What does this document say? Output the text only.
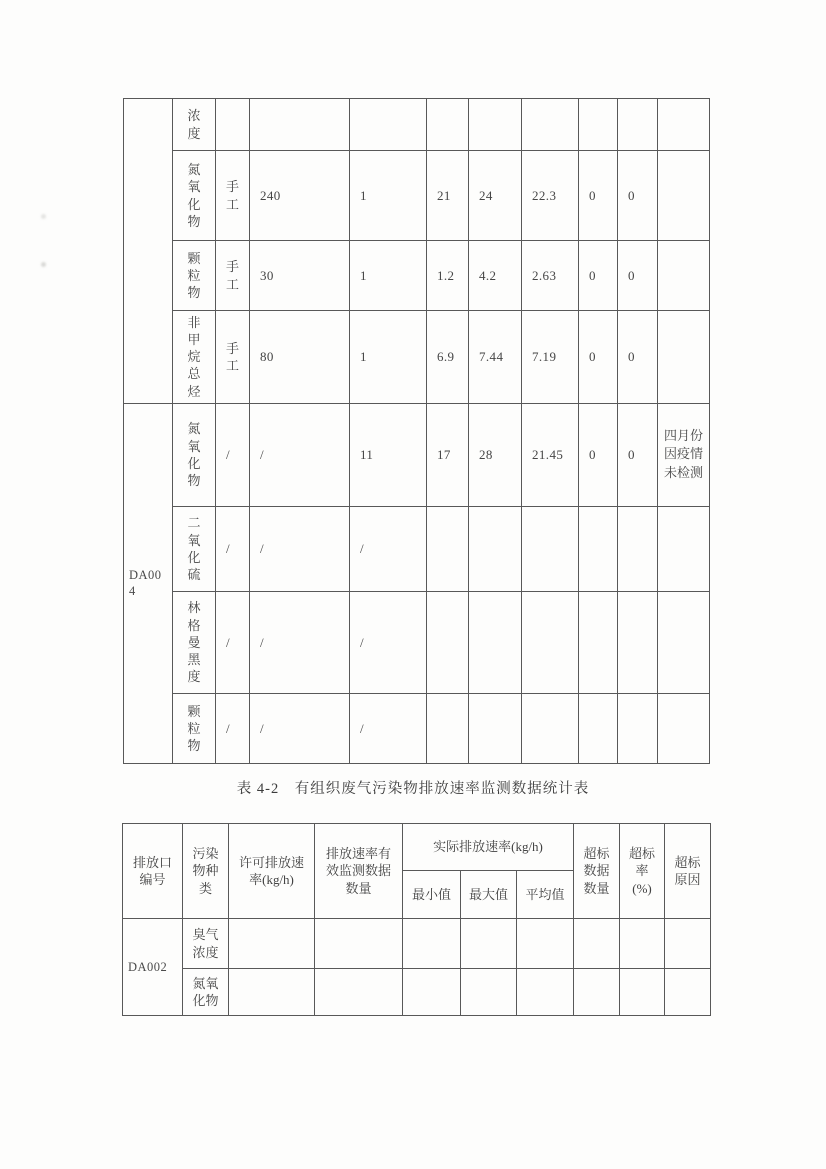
	浓度									

	氮氧化物	手工	240	1	21	24	22.3	0	0	

	颗粒物	手工	30	1	1.2	4.2	2.63	0	0	

	非甲烷总烃	手工	80	1	6.9	7.44	7.19	0	0	
DA004	氮氧化物	/	/	11	17	28	21.45	0	0	四月份因疫情未检测

	二氧化硫	/	/	/						

	林格曼黑度	/	/	/						

	颗粒物	/	/	/						
表 4-2　有组织废气污染物排放速率监测数据统计表
排放口编号	污染物种类	许可排放速率(kg/h)	排放速率有效监测数据数量	实际排放速率(kg/h)			超标数据数量	超标率(%)	超标原因
				最小值	最大值	平均值			
DA002	臭气浓度								
	氮氧化物								
